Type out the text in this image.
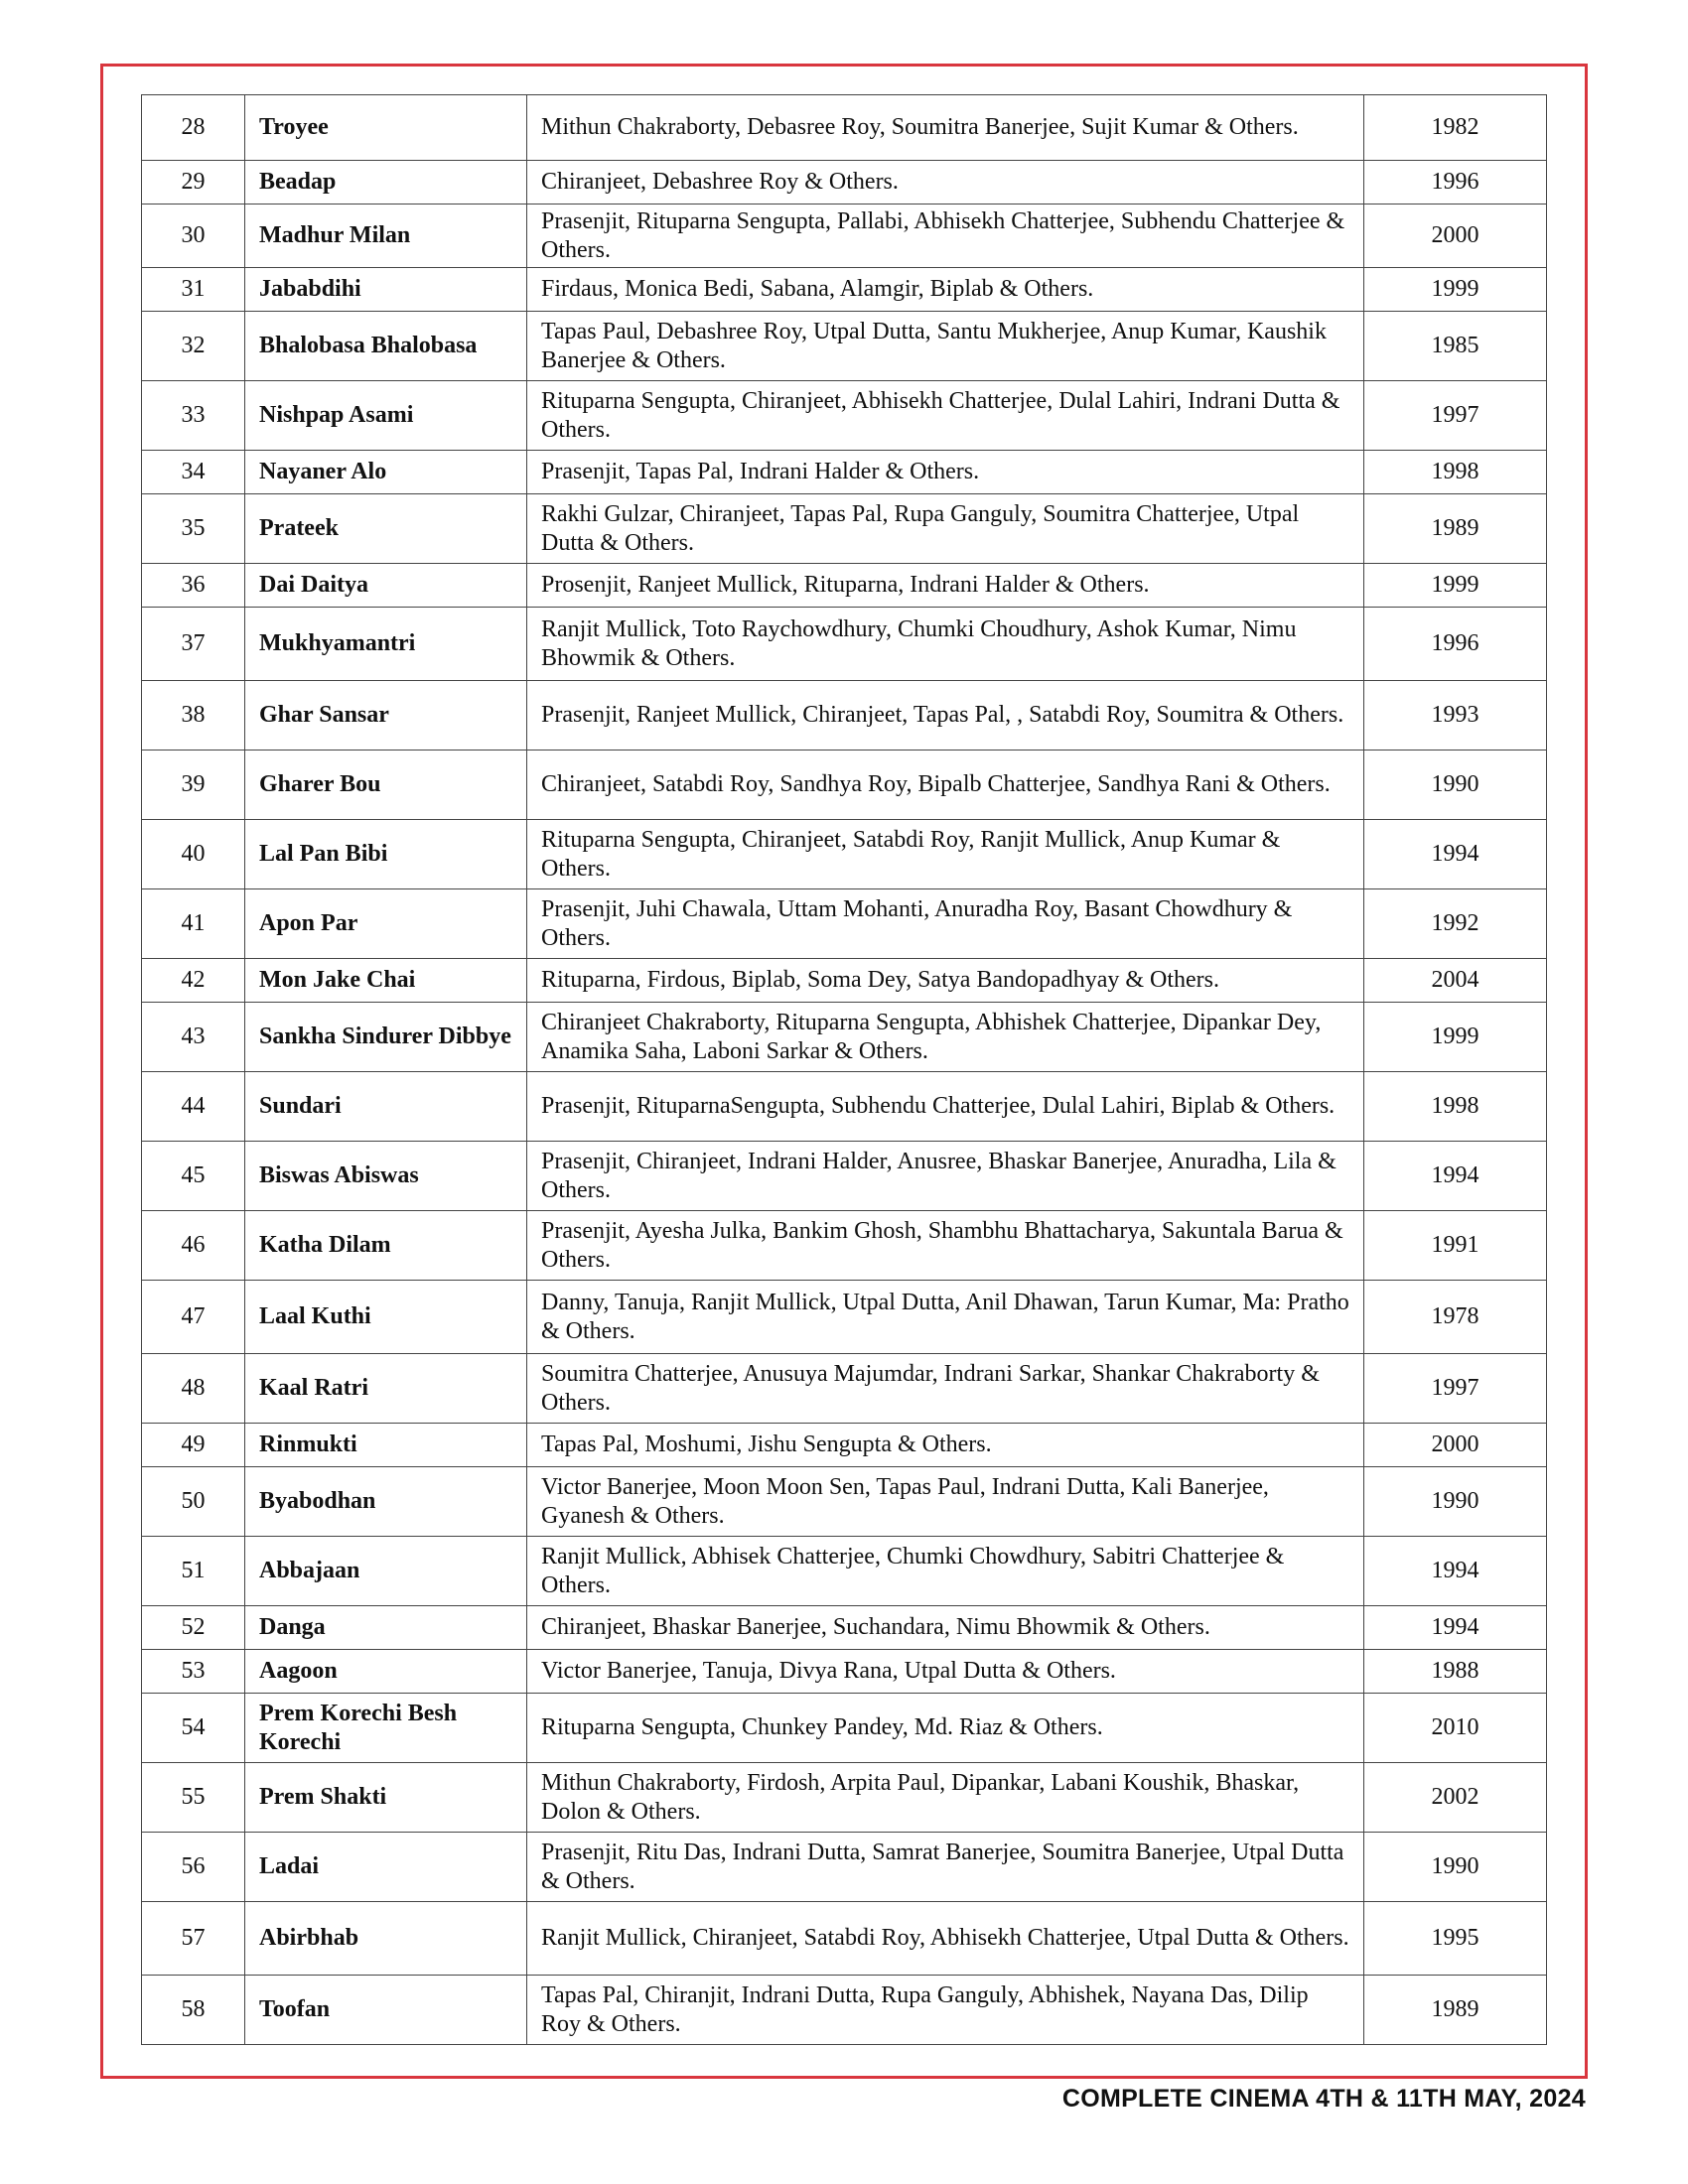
28	Troyee	Mithun Chakraborty, Debasree Roy, Soumitra Banerjee, Sujit Kumar & Others.	1982
29	Beadap	Chiranjeet, Debashree Roy & Others.	1996
30	Madhur Milan	Prasenjit, Rituparna Sengupta, Pallabi, Abhisekh Chatterjee, Subhendu Chatterjee & Others.	2000
31	Jababdihi	Firdaus, Monica Bedi, Sabana, Alamgir, Biplab & Others.	1999
32	Bhalobasa Bhalobasa	Tapas Paul, Debashree Roy, Utpal Dutta, Santu Mukherjee, Anup Kumar, Kaushik Banerjee & Others.	1985
33	Nishpap Asami	Rituparna Sengupta, Chiranjeet, Abhisekh Chatterjee, Dulal Lahiri, Indrani Dutta & Others.	1997
34	Nayaner Alo	Prasenjit, Tapas Pal, Indrani Halder & Others.	1998
35	Prateek	Rakhi Gulzar, Chiranjeet, Tapas Pal, Rupa Ganguly, Soumitra Chatterjee, Utpal Dutta & Others.	1989
36	Dai Daitya	Prosenjit, Ranjeet Mullick, Rituparna, Indrani Halder & Others.	1999
37	Mukhyamantri	Ranjit Mullick, Toto Raychowdhury, Chumki Choudhury, Ashok Kumar, Nimu Bhowmik & Others.	1996
38	Ghar Sansar	Prasenjit, Ranjeet Mullick, Chiranjeet, Tapas Pal, , Satabdi Roy, Soumitra & Others.	1993
39	Gharer Bou	Chiranjeet, Satabdi Roy, Sandhya Roy, Bipalb Chatterjee, Sandhya Rani & Others.	1990
40	Lal Pan Bibi	Rituparna Sengupta, Chiranjeet, Satabdi Roy, Ranjit Mullick, Anup Kumar & Others.	1994
41	Apon Par	Prasenjit, Juhi Chawala, Uttam Mohanti, Anuradha Roy, Basant Chowdhury & Others.	1992
42	Mon Jake Chai	Rituparna, Firdous, Biplab, Soma Dey, Satya Bandopadhyay & Others.	2004
43	Sankha Sindurer Dibbye	Chiranjeet Chakraborty, Rituparna Sengupta, Abhishek Chatterjee, Dipankar Dey, Anamika Saha, Laboni Sarkar & Others.	1999
44	Sundari	Prasenjit, RituparnaSengupta, Subhendu Chatterjee, Dulal Lahiri, Biplab & Others.	1998
45	Biswas Abiswas	Prasenjit, Chiranjeet, Indrani Halder, Anusree, Bhaskar Banerjee, Anuradha, Lila & Others.	1994
46	Katha Dilam	Prasenjit, Ayesha Julka, Bankim Ghosh, Shambhu Bhattacharya, Sakuntala Barua & Others.	1991
47	Laal Kuthi	Danny, Tanuja, Ranjit Mullick, Utpal Dutta, Anil Dhawan, Tarun Kumar, Ma: Pratho & Others.	1978
48	Kaal Ratri	Soumitra Chatterjee, Anusuya Majumdar, Indrani Sarkar, Shankar Chakraborty & Others.	1997
49	Rinmukti	Tapas Pal, Moshumi, Jishu Sengupta & Others.	2000
50	Byabodhan	Victor Banerjee, Moon Moon Sen, Tapas Paul, Indrani Dutta, Kali Banerjee, Gyanesh & Others.	1990
51	Abbajaan	Ranjit Mullick, Abhisek Chatterjee, Chumki Chowdhury, Sabitri Chatterjee & Others.	1994
52	Danga	Chiranjeet, Bhaskar Banerjee, Suchandara, Nimu Bhowmik & Others.	1994
53	Aagoon	Victor Banerjee, Tanuja, Divya Rana, Utpal Dutta & Others.	1988
54	Prem Korechi Besh Korechi	Rituparna Sengupta, Chunkey Pandey, Md. Riaz & Others.	2010
55	Prem Shakti	Mithun Chakraborty, Firdosh, Arpita Paul, Dipankar, Labani Koushik, Bhaskar, Dolon & Others.	2002
56	Ladai	Prasenjit, Ritu Das, Indrani Dutta, Samrat Banerjee, Soumitra Banerjee, Utpal Dutta & Others.	1990
57	Abirbhab	Ranjit Mullick, Chiranjeet, Satabdi Roy, Abhisekh Chatterjee, Utpal Dutta & Others.	1995
58	Toofan	Tapas Pal, Chiranjit, Indrani Dutta, Rupa Ganguly, Abhishek, Nayana Das, Dilip Roy & Others.	1989
COMPLETE CINEMA 4TH & 11TH MAY, 2024
